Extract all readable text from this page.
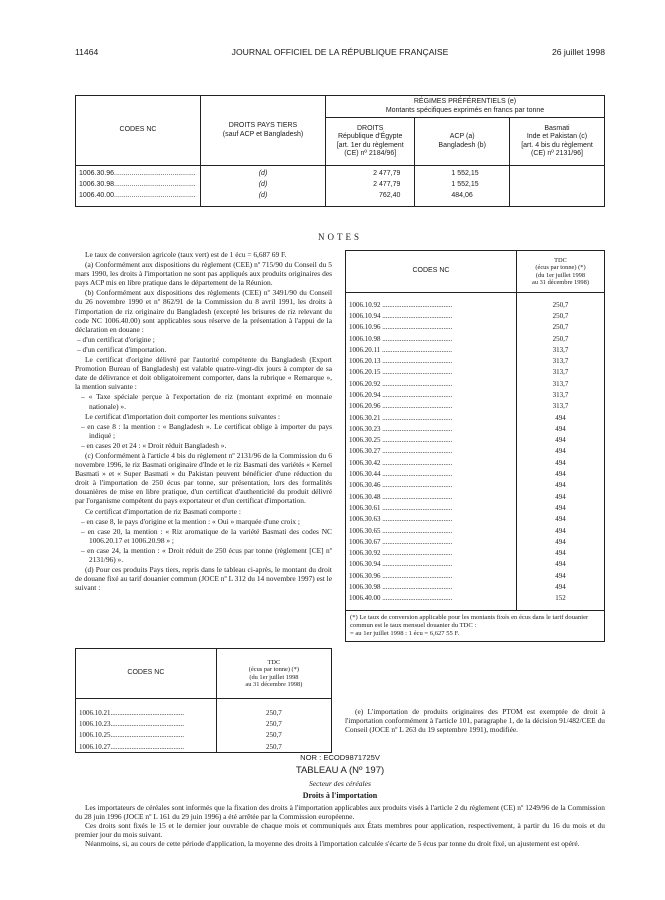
11464	JOURNAL OFFICIEL DE LA RÉPUBLIQUE FRANÇAISE	26 juillet 1998
CODES NC	DROITS PAYS TIERS
(sauf ACP et Bangladesh)	RÉGIMES PRÉFÉRENTIELS (e)
Montants spécifiques exprimés en francs par tonne		
		DROITS
République d'Égypte
[art. 1er du règlement
(CE) nº 2184/96]	ACP (a)
Bangladesh (b)	Basmati
Inde et Pakistan (c)
[art. 4 bis du règlement
(CE) nº 2131/96]
1006.30.96..........................................	(d)	2 477,79	1 552,15	
1006.30.98..........................................	(d)	2 477,79	1 552,15	
1006.40.00..........................................	(d)	762,40	484,06	
NOTES

Le taux de conversion agricole (taux vert) est de 1 écu = 6,687 69 F.

(a) Conformément aux dispositions du règlement (CEE) nº 715/90 du Conseil du 5 mars 1990, les droits à l'importation ne sont pas appliqués aux produits originaires des pays ACP mis en libre pratique dans le département de la Réunion.

(b) Conformément aux dispositions des règlements (CEE) nº 3491/90 du Conseil du 26 novembre 1990 et nº 862/91 de la Commission du 8 avril 1991, les droits à l'importation de riz originaire du Bangladesh (excepté les brisures de riz relevant du code NC 1006.40.00) sont applicables sous réserve de la présentation à l'appui de la déclaration en douane :

– d'un certificat d'origine ;

– d'un certificat d'importation.

Le certificat d'origine délivré par l'autorité compétente du Bangladesh (Export Promotion Bureau of Bangladesh) est valable quatre-vingt-dix jours à compter de sa date de délivrance et doit obligatoirement comporter, dans la rubrique « Remarque », la mention suivante :

– « Taxe spéciale perçue à l'exportation de riz (montant exprimé en monnaie nationale) ».

Le certificat d'importation doit comporter les mentions suivantes :

– en case 8 : la mention : « Bangladesh ». Le certificat oblige à importer du pays indiqué ;

– en cases 20 et 24 : « Droit réduit Bangladesh ».

(c) Conformément à l'article 4 bis du règlement nº 2131/96 de la Commission du 6 novembre 1996, le riz Basmati originaire d'Inde et le riz Basmati des variétés « Kernel Basmati » et « Super Basmati » du Pakistan peuvent bénéficier d'une réduction du droit à l'importation de 250 écus par tonne, sur présentation, lors des formalités douanières de mise en libre pratique, d'un certificat d'authenticité du produit délivré par l'organisme compétent du pays exportateur et d'un certificat d'importation.

Ce certificat d'importation de riz Basmati comporte :

– en case 8, le pays d'origine et la mention : « Oui » marquée d'une croix ;

– en case 20, la mention : « Riz aromatique de la variété Basmati des codes NC 1006.20.17 et 1006.20.98 » ;

– en case 24, la mention : « Droit réduit de 250 écus par tonne (règlement [CE] nº 2131/96) ».

(d) Pour ces produits Pays tiers, repris dans le tableau ci-après, le montant du droit de douane fixé au tarif douanier commun (JOCE nº L 312 du 14 novembre 1997) est le suivant :

CODES NC	TDC
(écus par tonne) (*)
(du 1er juillet 1998
au 31 décembre 1998)
1006.10.21..........................................	250,7
1006.10.23..........................................	250,7
1006.10.25..........................................	250,7
1006.10.27..........................................	250,7
CODES NC	TDC
(écus par tonne) (*)
(du 1er juillet 1998
au 31 décembre 1998)
1006.10.92 ........................................	250,7
1006.10.94 ........................................	250,7
1006.10.96 ........................................	250,7
1006.10.98 ........................................	250,7
1006.20.11 ........................................	313,7
1006.20.13 ........................................	313,7
1006.20.15 ........................................	313,7
1006.20.92 ........................................	313,7
1006.20.94 ........................................	313,7
1006.20.96 ........................................	313,7
1006.30.21 ........................................	494
1006.30.23 ........................................	494
1006.30.25 ........................................	494
1006.30.27 ........................................	494
1006.30.42 ........................................	494
1006.30.44 ........................................	494
1006.30.46 ........................................	494
1006.30.48 ........................................	494
1006.30.61 ........................................	494
1006.30.63 ........................................	494
1006.30.65 ........................................	494
1006.30.67 ........................................	494
1006.30.92 ........................................	494
1006.30.94 ........................................	494
1006.30.96 ........................................	494
1006.30.98 ........................................	494
1006.40.00 ........................................	152
(*) Le taux de conversion applicable pour les montants fixés en écus dans le tarif douanier commun est le taux mensuel douanier du TDC :
= au 1er juillet 1998 : 1 écu = 6,627 55 F.	

(e) L'importation de produits originaires des PTOM est exemptée de droit à l'importation conformément à l'article 101, paragraphe 1, de la décision 91/482/CEE du Conseil (JOCE nº L 263 du 19 septembre 1991), modifiée.

NOR : ECOD9871725V
TABLEAU A (Nº 197)
Secteur des céréales
Droits à l'importation

Les importateurs de céréales sont informés que la fixation des droits à l'importation applicables aux produits visés à l'article 2 du règlement (CE) nº 1249/96 de la Commission du 28 juin 1996 (JOCE nº L 161 du 29 juin 1996) a été arrêtée par la Commission européenne.

Ces droits sont fixés le 15 et le dernier jour ouvrable de chaque mois et communiqués aux États membres pour application, respectivement, à partir du 16 du mois et du premier jour du mois suivant.

Néanmoins, si, au cours de cette période d'application, la moyenne des droits à l'importation calculée s'écarte de 5 écus par tonne du droit fixé, un ajustement est opéré.
